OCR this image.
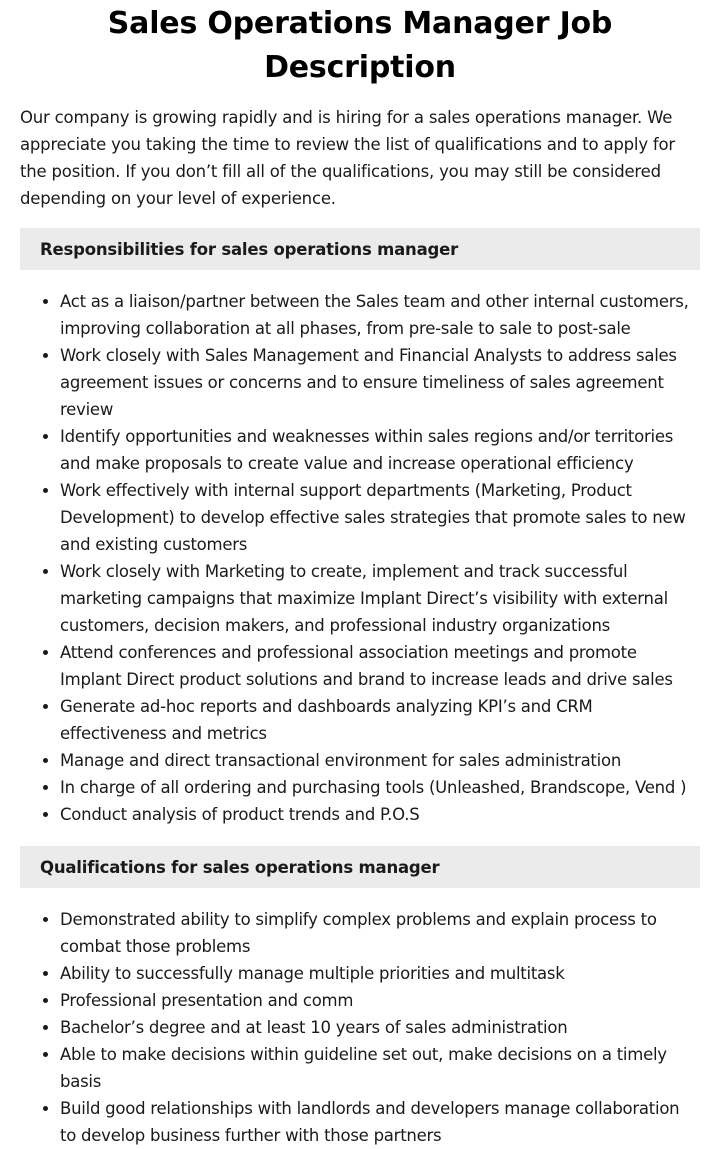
Sales Operations Manager Job Description

Our company is growing rapidly and is hiring for a sales operations manager. We appreciate you taking the time to review the list of qualifications and to apply for the position. If you don’t fill all of the qualifications, you may still be considered depending on your level of experience.

Responsibilities for sales operations manager
Act as a liaison/partner between the Sales team and other internal customers, improving collaboration at all phases, from pre-sale to sale to post-sale
Work closely with Sales Management and Financial Analysts to address sales agreement issues or concerns and to ensure timeliness of sales agreement review
Identify opportunities and weaknesses within sales regions and/or territories and make proposals to create value and increase operational efficiency
Work effectively with internal support departments (Marketing, Product Development) to develop effective sales strategies that promote sales to new and existing customers
Work closely with Marketing to create, implement and track successful marketing campaigns that maximize Implant Direct’s visibility with external customers, decision makers, and professional industry organizations
Attend conferences and professional association meetings and promote Implant Direct product solutions and brand to increase leads and drive sales
Generate ad-hoc reports and dashboards analyzing KPI’s and CRM effectiveness and metrics
Manage and direct transactional environment for sales administration
In charge of all ordering and purchasing tools (Unleashed, Brandscope, Vend )
Conduct analysis of product trends and P.O.S
Qualifications for sales operations manager
Demonstrated ability to simplify complex problems and explain process to combat those problems
Ability to successfully manage multiple priorities and multitask
Professional presentation and comm
Bachelor’s degree and at least 10 years of sales administration
Able to make decisions within guideline set out, make decisions on a timely basis
Build good relationships with landlords and developers manage collaboration to develop business further with those partners
